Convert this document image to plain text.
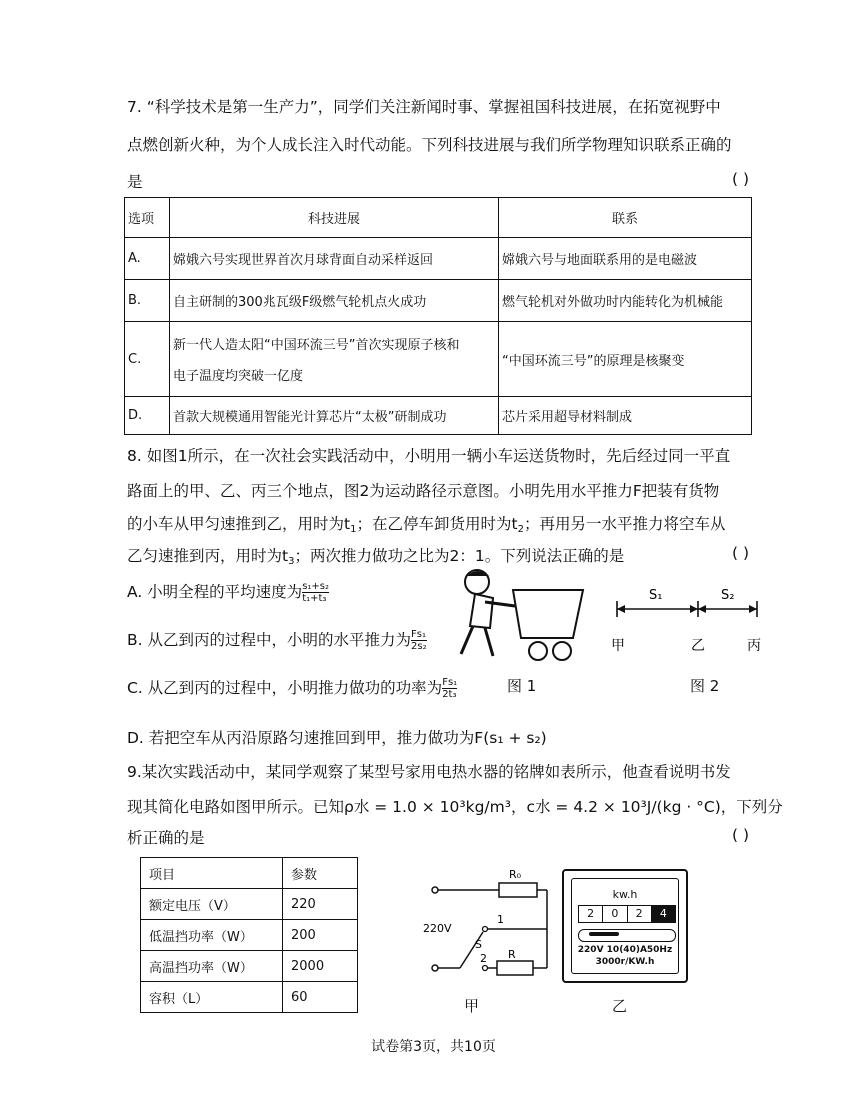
7. “科学技术是第一生产力”，同学们关注新闻时事、掌握祖国科技进展，在拓宽视野中
点燃创新火种，为个人成长注入时代动能。下列科技进展与我们所学物理知识联系正确的
是	( )
选项	科技进展	联系
A.	嫦娥六号实现世界首次月球背面自动采样返回	嫦娥六号与地面联系用的是电磁波
B.	自主研制的300兆瓦级F级燃气轮机点火成功	燃气轮机对外做功时内能转化为机械能
C.	新一代人造太阳“中国环流三号”首次实现原子核和
电子温度均突破一亿度	“中国环流三号”的原理是核聚变
D.	首款大规模通用智能光计算芯片“太极”研制成功	芯片采用超导材料制成
8. 如图1所示，在一次社会实践活动中，小明用一辆小车运送货物时，先后经过同一平直
路面上的甲、乙、丙三个地点，图2为运动路径示意图。小明先用水平推力F把装有货物
的小车从甲匀速推到乙，用时为$t_1$；在乙停车卸货用时为$t_2$；再用另一水平推力将空车从
乙匀速推到丙，用时为$t_3$；两次推力做功之比为2：1。下列说法正确的是	( )
A. 小明全程的平均速度为 $\frac{\text{s₁+s₂}}{\text{t₁+t₃}}$
B. 从乙到丙的过程中，小明的水平推力为 $\frac{\text{Fs₁}}{\text{2s₂}}$
C. 从乙到丙的过程中，小明推力做功的功率为 $\frac{\text{Fs₁}}{\text{2t₃}}$
D. 若把空车从丙沿原路匀速推回到甲，推力做功为F(s₁ + s₂)
图 1
S₁	S₂
甲	乙	丙
图 2
9.某次实践活动中，某同学观察了某型号家用电热水器的铭牌如表所示，他查看说明书发
现其简化电路如图甲所示。已知ρ水 = 1.0 × 10³kg/m³，c水 = 4.2 × 10³J/(kg · °C)，下列分
析正确的是	( )
项目	参数
额定电压（V）	220
低温挡功率（W）	200
高温挡功率（W）	2000
容积（L）	60
R₀
220V
S
1
2 R
甲
kw.h
2	0	2	4
220V 10(40)A50Hz
3000r/KW.h
乙
试卷第3页，共10页
